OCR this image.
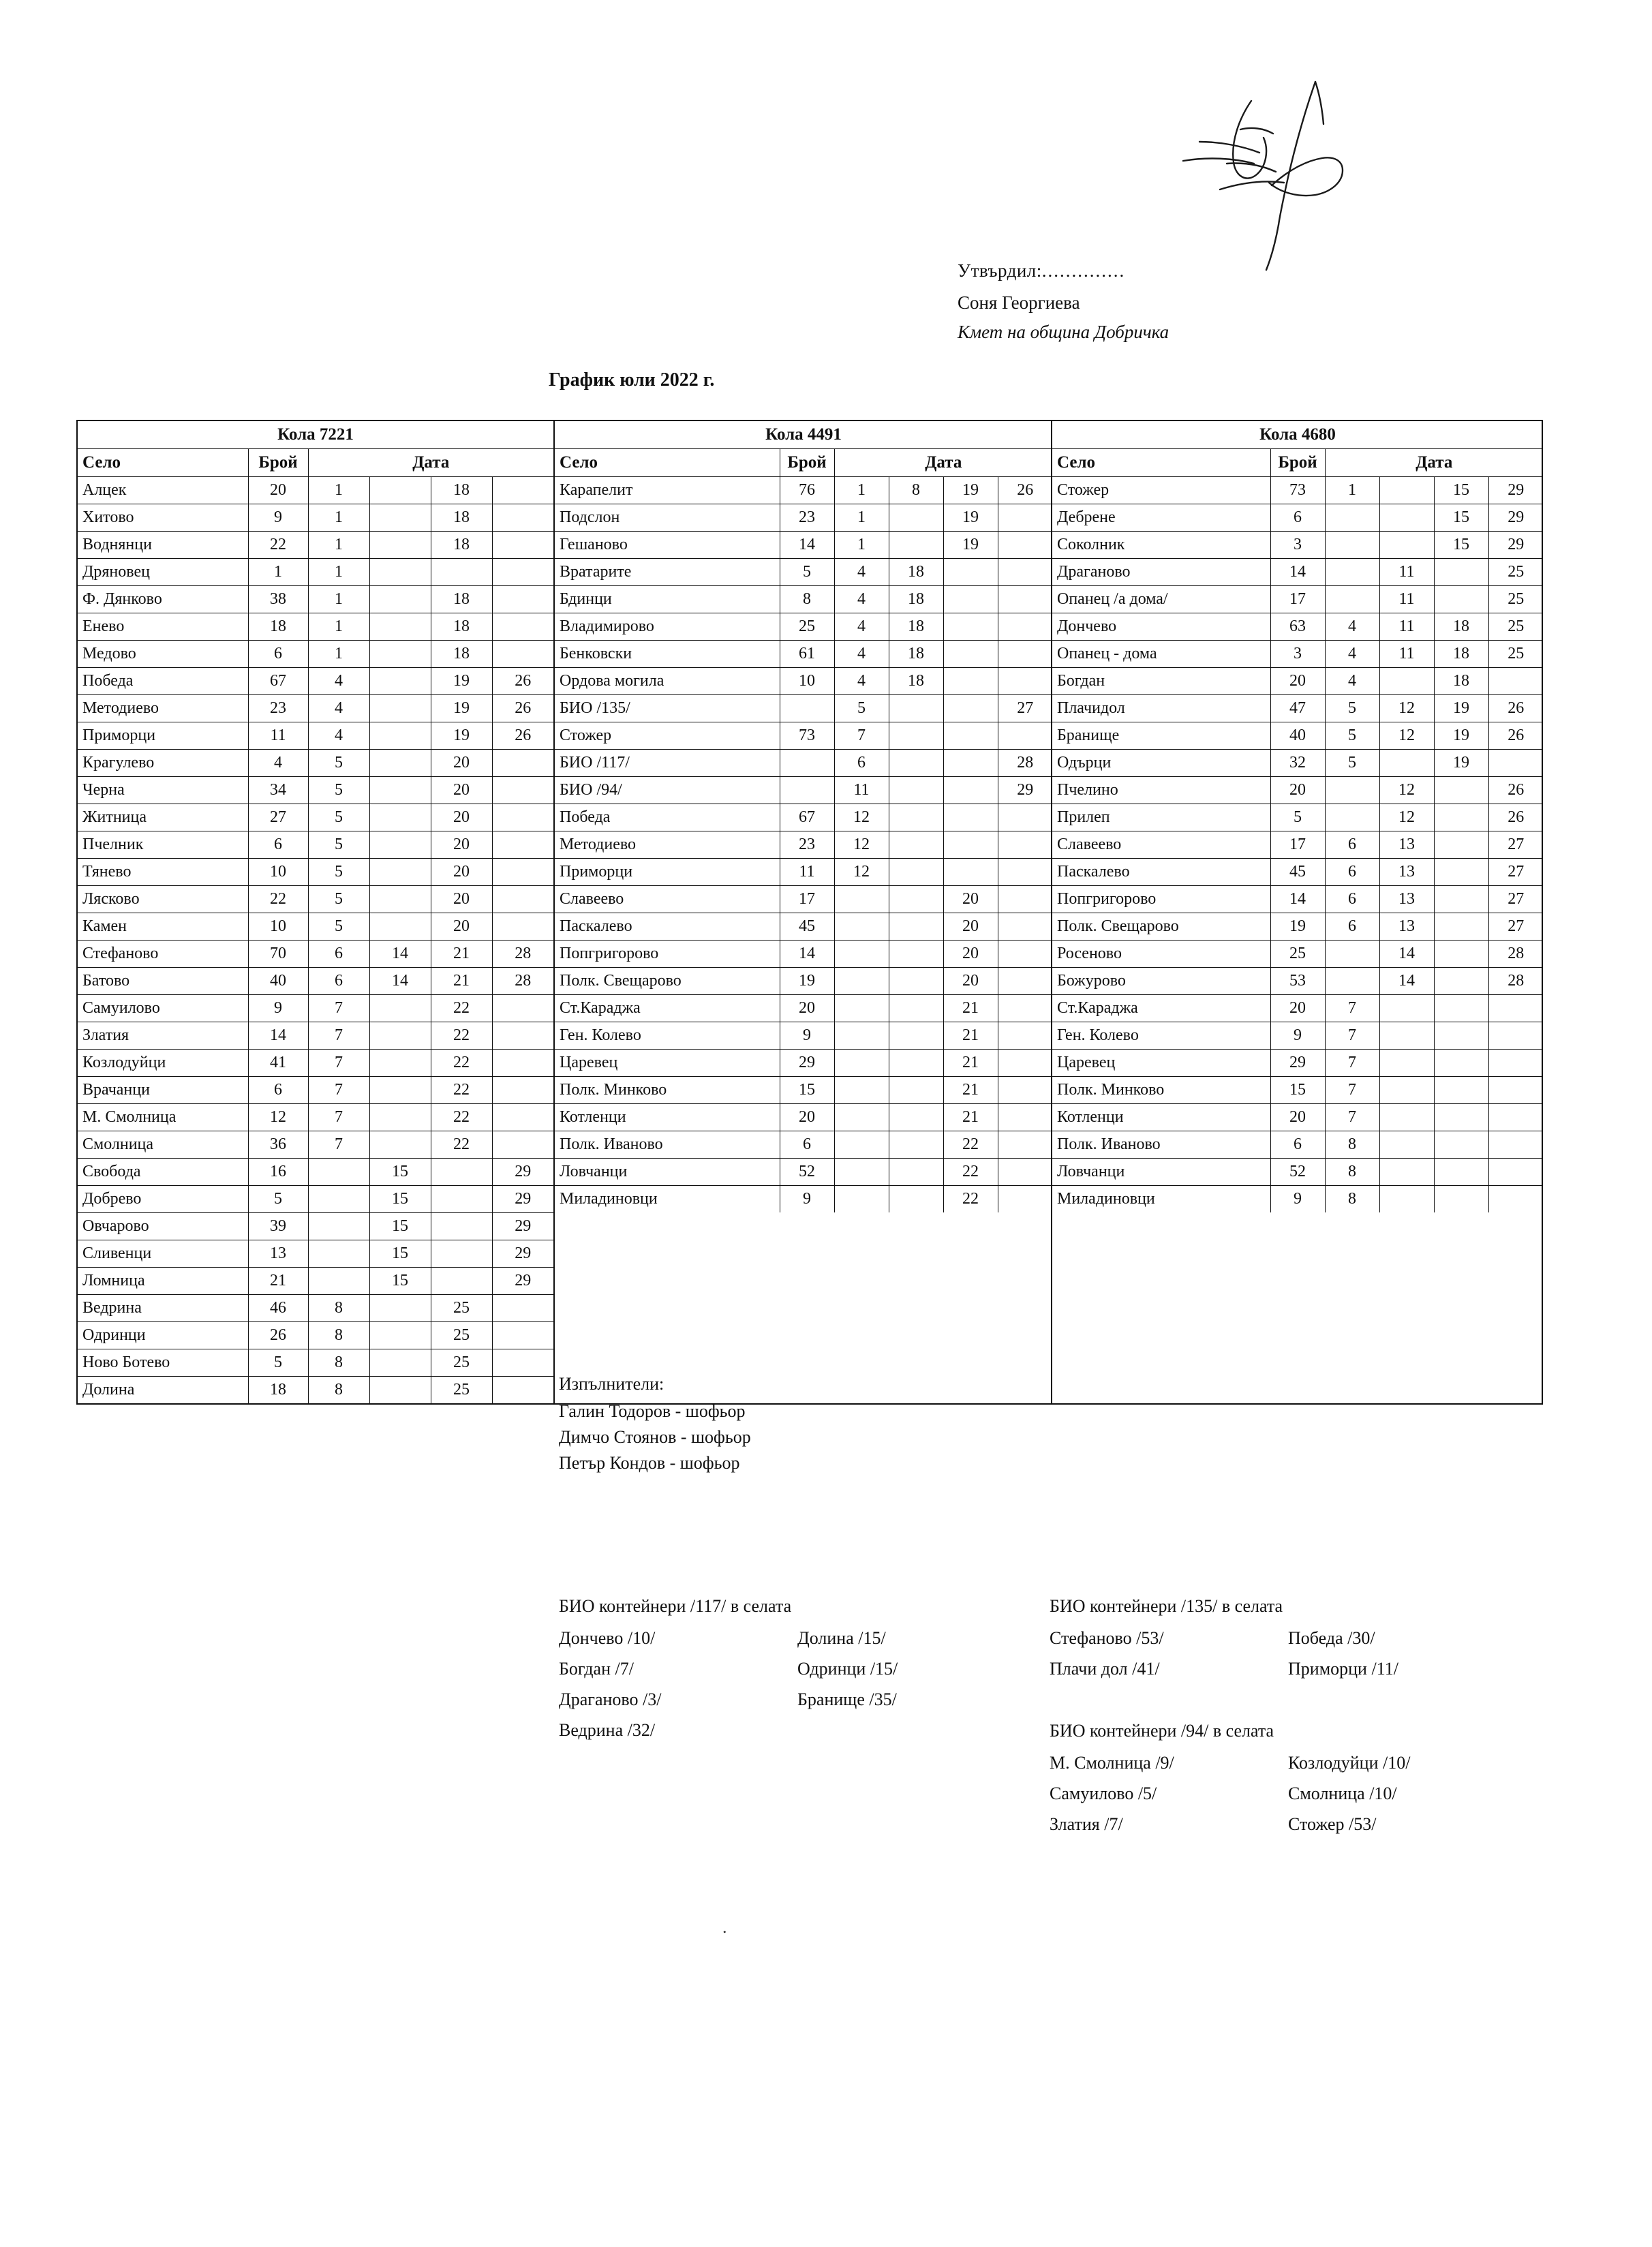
Утвърдил:..............
Соня Георгиева
Кмет на община Добричка
График юли 2022 г.
Кола 7221					
Село	Брой	Дата			
Алцек	20	1		18	
Хитово	9	1		18	
Воднянци	22	1		18	
Дряновец	1	1			
Ф. Дянково	38	1		18	
Енево	18	1		18	
Медово	6	1		18	
Победа	67	4		19	26
Методиево	23	4		19	26
Приморци	11	4		19	26
Крагулево	4	5		20	
Черна	34	5		20	
Житница	27	5		20	
Пчелник	6	5		20	
Тянево	10	5		20	
Лясково	22	5		20	
Камен	10	5		20	
Стефаново	70	6	14	21	28
Батово	40	6	14	21	28
Самуилово	9	7		22	
Златия	14	7		22	
Козлодуйци	41	7		22	
Врачанци	6	7		22	
М. Смолница	12	7		22	
Смолница	36	7		22	
Свобода	16		15		29
Добрево	5		15		29
Овчарово	39		15		29
Сливенци	13		15		29
Ломница	21		15		29
Ведрина	46	8		25	
Одринци	26	8		25	
Ново Ботево	5	8		25	
Долина	18	8		25	
Кола 4491					
Село	Брой	Дата			
Карапелит	76	1	8	19	26
Подслон	23	1		19	
Гешаново	14	1		19	
Вратарите	5	4	18		
Бдинци	8	4	18		
Владимирово	25	4	18		
Бенковски	61	4	18		
Ордова могила	10	4	18		
БИО /135/		5			27
Стожер	73	7			
БИО /117/		6			28
БИО /94/		11			29
Победа	67	12			
Методиево	23	12			
Приморци	11	12			
Славеево	17			20	
Паскалево	45			20	
Попгригорово	14			20	
Полк. Свещарово	19			20	
Ст.Караджа	20			21	
Ген. Колево	9			21	
Царевец	29			21	
Полк. Минково	15			21	
Котленци	20			21	
Полк. Иваново	6			22	
Ловчанци	52			22	
Миладиновци	9			22	
Кола 4680					
Село	Брой	Дата			
Стожер	73	1		15	29
Дебрене	6			15	29
Соколник	3			15	29
Драганово	14		11		25
Опанец /а дома/	17		11		25
Дончево	63	4	11	18	25
Опанец - дома	3	4	11	18	25
Богдан	20	4		18	
Плачидол	47	5	12	19	26
Бранище	40	5	12	19	26
Одърци	32	5		19	
Пчелино	20		12		26
Прилеп	5		12		26
Славеево	17	6	13		27
Паскалево	45	6	13		27
Попгригорово	14	6	13		27
Полк. Свещарово	19	6	13		27
Росеново	25		14		28
Божурово	53		14		28
Ст.Караджа	20	7			
Ген. Колево	9	7			
Царевец	29	7			
Полк. Минково	15	7			
Котленци	20	7			
Полк. Иваново	6	8			
Ловчанци	52	8			
Миладиновци	9	8			
Изпълнители:
Галин Тодоров - шофьор
Димчо Стоянов - шофьор
Петър Кондов - шофьор
БИО контейнери /117/ в селата
Дончево /10/
Богдан /7/
Драганово /3/
Ведрина /32/
Долина /15/
Одринци /15/
Бранище /35/
БИО контейнери /135/ в селата
Стефаново /53/
Плачи дол /41/
Победа /30/
Приморци /11/
БИО контейнери /94/ в селата
М. Смолница /9/
Самуилово /5/
Златия /7/
Козлодуйци /10/
Смолница /10/
Стожер /53/
.
